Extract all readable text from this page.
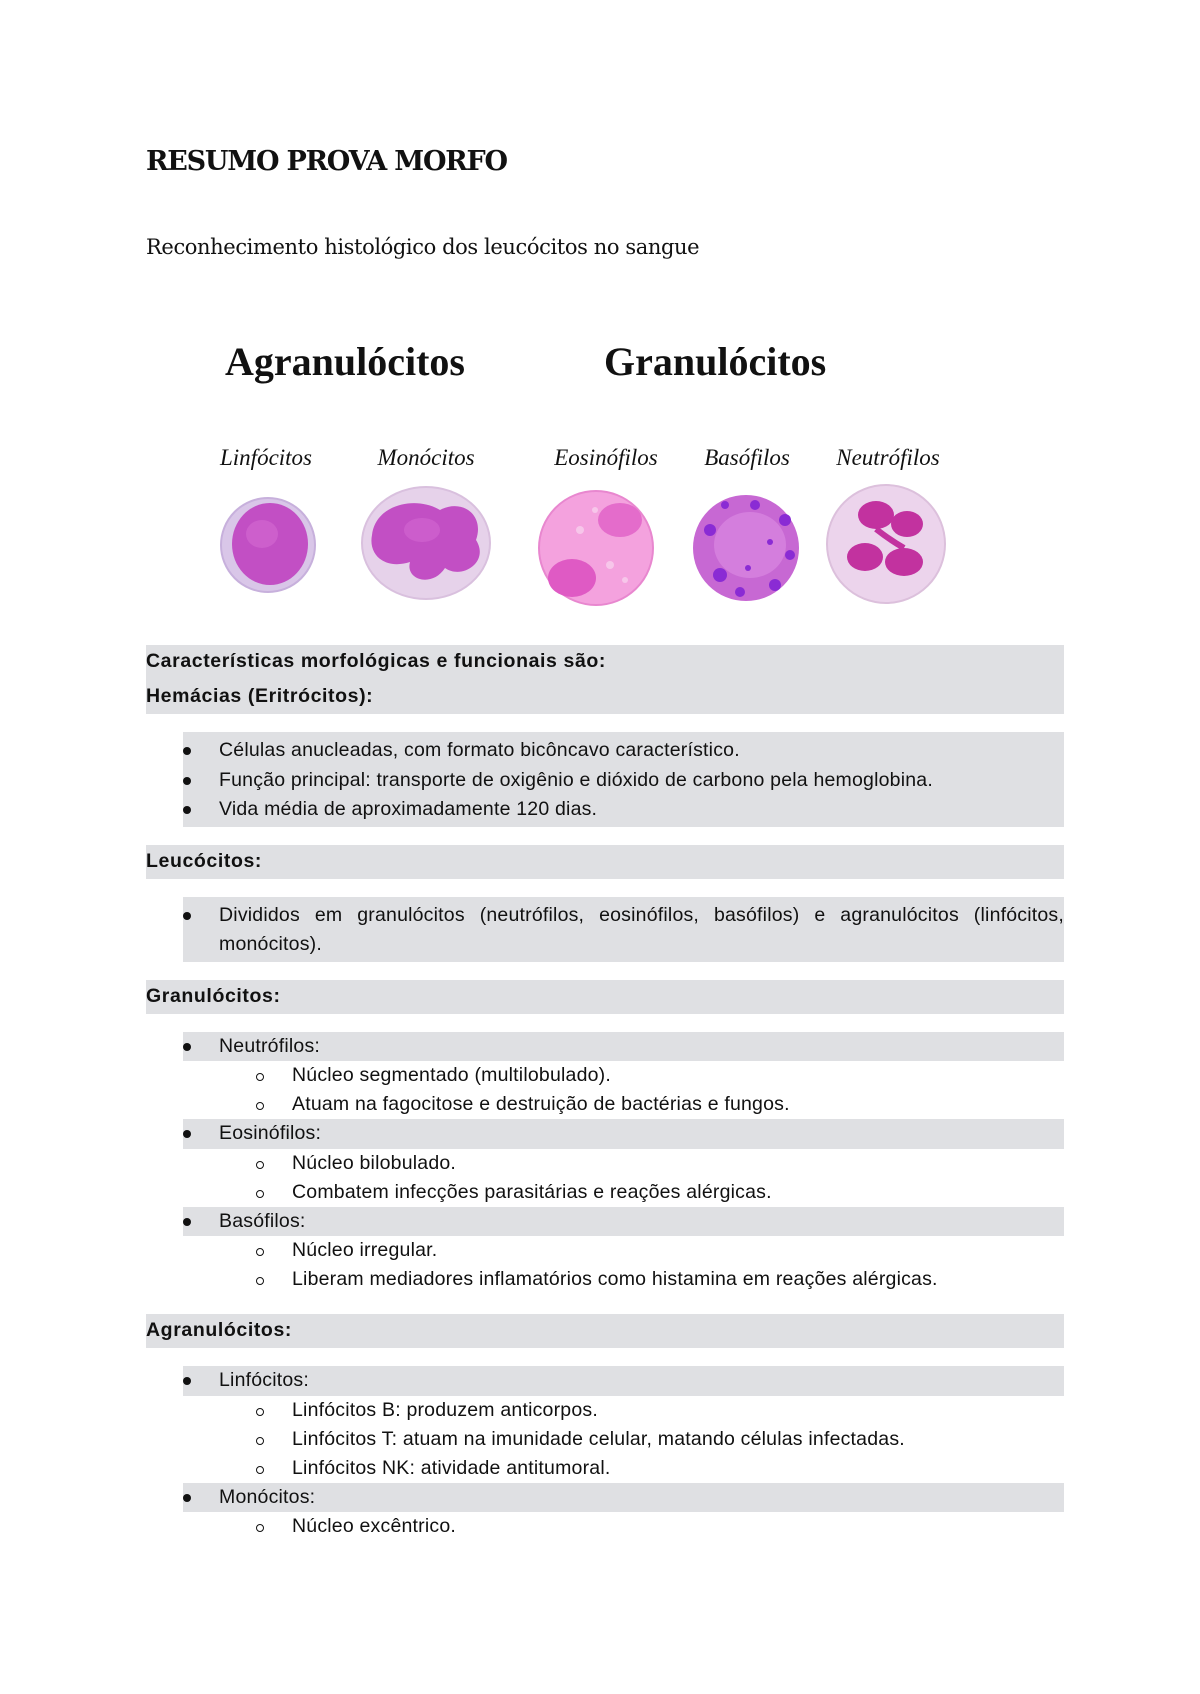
RESUMO PROVA MORFO
Reconhecimento histológico dos leucócitos no sangue
Agranulócitos	Granulócitos
Linfócitos	Monócitos	Eosinófilos Basófilos Neutrófilos
Características morfológicas e funcionais são:
Hemácias (Eritrócitos):
Células anucleadas, com formato bicôncavo característico.
Função principal: transporte de oxigênio e dióxido de carbono pela hemoglobina.
Vida média de aproximadamente 120 dias.
Leucócitos:
Divididos em granulócitos (neutrófilos, eosinófilos, basófilos) e agranulócitos (linfócitos, monócitos).
Granulócitos:
Neutrófilos:
Núcleo segmentado (multilobulado).
Atuam na fagocitose e destruição de bactérias e fungos.
Eosinófilos:
Núcleo bilobulado.
Combatem infecções parasitárias e reações alérgicas.
Basófilos:
Núcleo irregular.
Liberam mediadores inflamatórios como histamina em reações alérgicas.
Agranulócitos:
Linfócitos:
Linfócitos B: produzem anticorpos.
Linfócitos T: atuam na imunidade celular, matando células infectadas.
Linfócitos NK: atividade antitumoral.
Monócitos:
Núcleo excêntrico.
